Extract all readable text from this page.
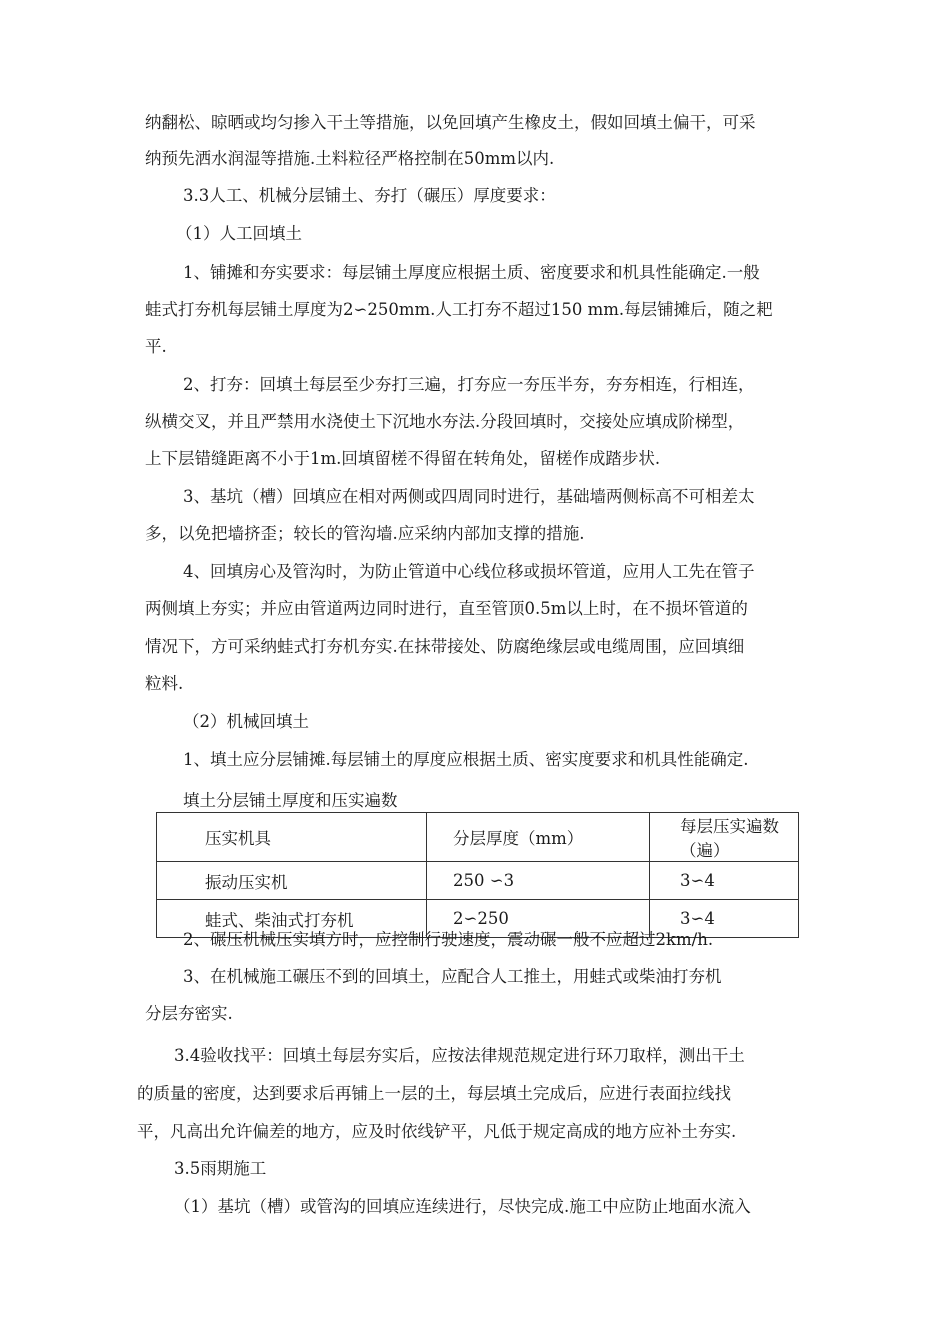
纳翻松、晾晒或均匀掺入干土等措施，以免回填产生橡皮土，假如回填土偏干，可采
纳预先洒水润湿等措施.土料粒径严格控制在50mm以内.
3.3人工、机械分层铺土、夯打（碾压）厚度要求：
（1）人工回填土
1、铺摊和夯实要求：每层铺土厚度应根据土质、密度要求和机具性能确定.一般
蛙式打夯机每层铺土厚度为2∽250mm.人工打夯不超过150 mm.每层铺摊后，随之耙
平.
2、打夯：回填土每层至少夯打三遍，打夯应一夯压半夯，夯夯相连，行相连，
纵横交叉，并且严禁用水浇使土下沉地水夯法.分段回填时，交接处应填成阶梯型，
上下层错缝距离不小于1m.回填留槎不得留在转角处，留槎作成踏步状.
3、基坑（槽）回填应在相对两侧或四周同时进行，基础墙两侧标高不可相差太
多，以免把墙挤歪；较长的管沟墙.应采纳内部加支撑的措施.
4、回填房心及管沟时，为防止管道中心线位移或损坏管道，应用人工先在管子
两侧填上夯实；并应由管道两边同时进行，直至管顶0.5m以上时，在不损坏管道的
情况下，方可采纳蛙式打夯机夯实.在抹带接处、防腐绝缘层或电缆周围，应回填细
粒料.
（2）机械回填土
1、填土应分层铺摊.每层铺土的厚度应根据土质、密实度要求和机具性能确定.
填土分层铺土厚度和压实遍数
压实机具	分层厚度（mm）	每层压实遍数（遍）
振动压实机	250 ∽3	3∽4
蛙式、柴油式打夯机	2∽250	3∽4
2、碾压机械压实填方时，应控制行驶速度，震动碾一般不应超过2km/h.
3、在机械施工碾压不到的回填土，应配合人工推土，用蛙式或柴油打夯机
分层夯密实.
3.4验收找平：回填土每层夯实后，应按法律规范规定进行环刀取样，测出干土
的质量的密度，达到要求后再铺上一层的土，每层填土完成后，应进行表面拉线找
平，凡高出允许偏差的地方，应及时依线铲平，凡低于规定高成的地方应补土夯实.
3.5雨期施工
（1）基坑（槽）或管沟的回填应连续进行，尽快完成.施工中应防止地面水流入
